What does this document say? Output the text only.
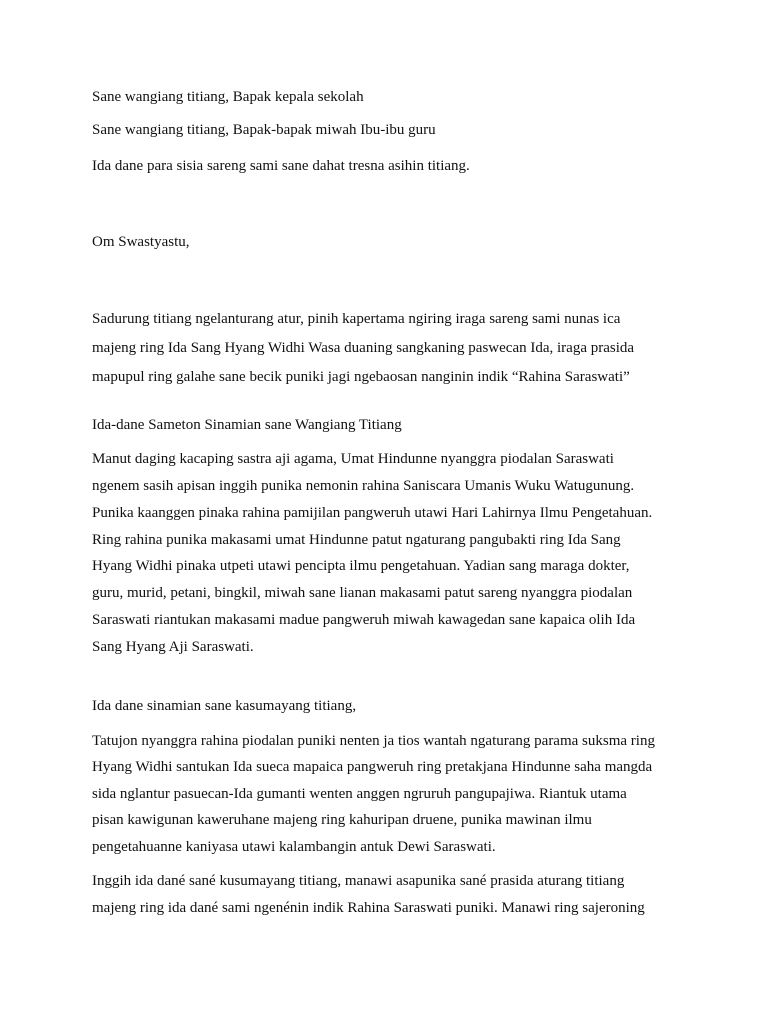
Sane wangiang titiang, Bapak kepala sekolah
Sane wangiang titiang, Bapak-bapak miwah Ibu-ibu guru
Ida dane para sisia sareng sami sane dahat tresna asihin titiang.
Om Swastyastu,
Sadurung titiang ngelanturang atur, pinih kapertama ngiring iraga sareng sami nunas ica
majeng ring Ida Sang Hyang Widhi Wasa duaning sangkaning paswecan Ida, iraga prasida
mapupul ring galahe sane becik puniki jagi ngebaosan nanginin indik “Rahina Saraswati”
Ida-dane Sameton Sinamian sane Wangiang Titiang
Manut daging kacaping sastra aji agama, Umat Hindunne nyanggra piodalan Saraswati
ngenem sasih apisan inggih punika nemonin rahina Saniscara Umanis Wuku Watugunung.
Punika kaanggen pinaka rahina pamijilan pangweruh utawi Hari Lahirnya Ilmu Pengetahuan.
Ring rahina punika makasami umat Hindunne patut ngaturang pangubakti ring Ida Sang
Hyang Widhi pinaka utpeti utawi pencipta ilmu pengetahuan. Yadian sang maraga dokter,
guru, murid, petani, bingkil, miwah sane lianan makasami patut sareng nyanggra piodalan
Saraswati riantukan makasami madue pangweruh miwah kawagedan sane kapaica olih Ida
Sang Hyang Aji Saraswati.
Ida dane sinamian sane kasumayang titiang,
Tatujon nyanggra rahina piodalan puniki nenten ja tios wantah ngaturang parama suksma ring
Hyang Widhi santukan Ida sueca mapaica pangweruh ring pretakjana Hindunne saha mangda
sida nglantur pasuecan-Ida gumanti wenten anggen ngruruh pangupajiwa. Riantuk utama
pisan kawigunan kaweruhane majeng ring kahuripan druene, punika mawinan ilmu
pengetahuanne kaniyasa utawi kalambangin antuk Dewi Saraswati.
Inggih ida dané sané kusumayang titiang, manawi asapunika sané prasida aturang titiang
majeng ring ida dané sami ngenénin indik Rahina Saraswati puniki. Manawi ring sajeroning
